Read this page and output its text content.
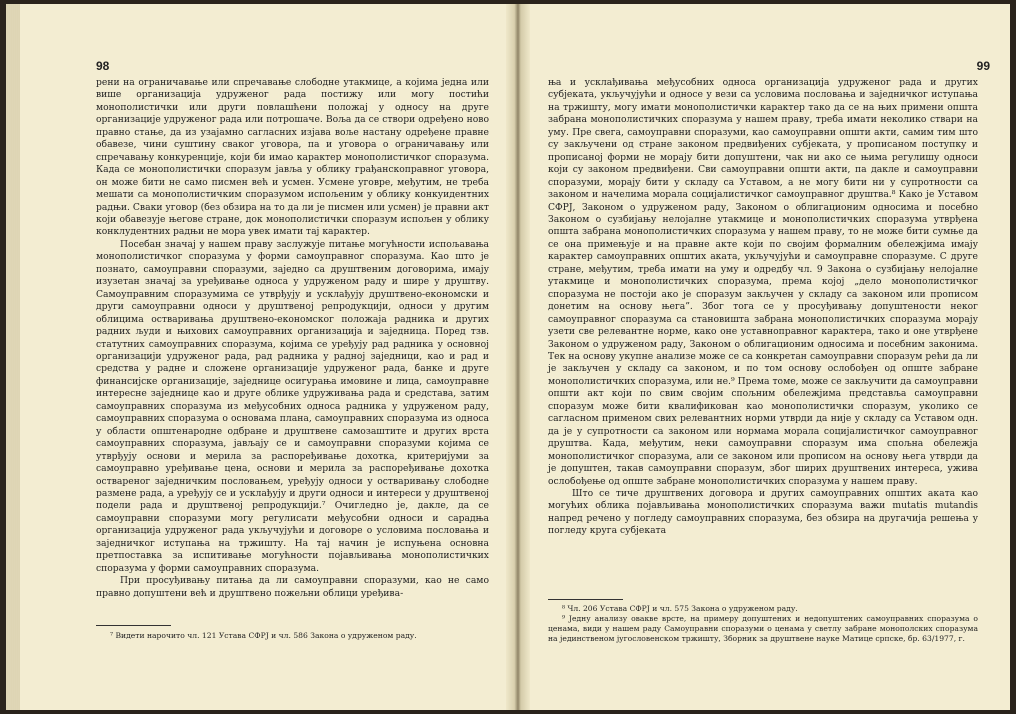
98

рени на ограничавање или спречавање слободне утакмице, а којима једна или више организација удруженог рада постижу или могу постићи монополистички или други повлашћени положај у односу на друге организације удруженог рада или потрошаче. Воља да се створи одређено ново правно стање, да из узајамно сагласних изјава воље настану одређене правне обавезе, чини суштину сваког уговора, па и уговора о ограничавању или спречавању конкуренције, који би имао карактер монополистичког споразума. Када се монополистички споразум јавља у облику грађанскоправног уговора, он може бити не само писмен већ и усмен. Усмене уговре, међутим, не треба мешати са монополистичким споразумом испољеним у облику конкуидентних радњи. Сваки уговор (без обзира на то да ли је писмен или усмен) је правни акт који обавезује њeгове стране, док монополистички споразум испољен у облику конклудентних радњи не мора увек имати тај карактер.

Посебан значај у нашем праву заслужује питање могућности испољавања монополистичког споразума у форми самоуправног споразума. Као што је познато, самоуправни споразуми, заједно са друштвеним договорима, имају изузетан значај за уређивање односа у удруженом раду и шире у друштву. Самоуправним споразумима се утврђују и усклађују друштвено-економски и други самоуправни односи у друштвеној репродукцији, односи у другим облицима остваривања друштвено-економског положаја радника и других радних људи и њихових самоуправних организација и заједница. Поред тзв. статутних самоуправних споразума, којима се уређују рад радника у основној организацији удруженог рада, рад радника у радној заједници, као и рад и средства у радне и сложене организације удруженог рада, банке и друге финансијске организације, заједнице осигурања имовине и лица, самоуправне интересне заједнице као и друге облике удруживања рада и средстава, затим самоуправних споразума из међусобних односа радника у удруженом раду, самоуправних споразума о основама плана, самоуправних споразума из односа у области општенародне одбране и друштвене самозаштите и других врста самоуправних споразума, јављају се и самоуправни споразуми којима се утврђују основи и мерила за распоређивање дохотка, критеријуми за самоуправно уређивање цена, основи и мерила за распоређивање дохотка оствареног заједничким пословањем, уређују односи у остваривању слободне размене рада, а уређују се и усклађују и други односи и интереси у друштвеној подели рада и друштвеној репродукцији.⁷ Очигледно је, дакле, да се самоуправни споразуми могу регулисати међусобни односи и сарадња организација удруженог рада укључујући и договоре о условима пословања и заједничког иступања на тржишту. На тај начин је испуњена основна претпоставка за испитивање могућности појављивања монополистичких споразума у форми самоуправних споразума.

При просуђивању питања да ли самоуправни споразуми, као не само правно допуштени већ и друштвено пожељни облици уређива-

⁷ Видети нарочито чл. 121 Устава СФРЈ и чл. 586 Закона о удруженом раду.

99

ња и усклађивања међусобних односа организација удруженог рада и других субјеката, укључујући и односе у вези са условима пословања и заједничког иступања на тржишту, могу имати монополистички карактер тако да се на њих примени општа забрана монополистичких споразума у нашем праву, треба имати неколико ствари на уму. Пре свега, самоуправни споразуми, као самоуправни општи акти, самим тим што су закључени од стране законом предвиђених субјеката, у прописаном поступку и прописаној форми не морају бити допуштени, чак ни ако се њима регулишу односи који су законом предвиђени. Сви самоуправни општи акти, па дакле и самоуправни споразуми, морају бити у складу са Уставом, а не могу бити ни у супротности са законом и начелима морала социјалистичког самоуправног друштва.⁸ Како је Уставом СФРЈ, Законом о удруженом раду, Законом о облигационим односима и посебно Законом о сузбијању нелојалне утакмице и монополистичких споразума утврђена општа забрана монополистичких споразума у нашем праву, то не може бити сумње да се она примењује и на правне акте који по својим формалним обележјима имају карактер самоуправних општих аката, укључујући и самоуправне споразуме. С друге стране, међутим, треба имати на уму и одредбу чл. 9 Закона о сузбијању нелојалне утакмице и монополистичких споразума, према којој „дело монополистичког споразума не постоји ако је споразум закључен у складу са законом или прописом донетим на основу њега”. Због тога се у просуђивању допуштености неког самоуправног споразума са становишта забрана монополистичких споразума морају узети све релевантне норме, како оне уставноправног карактера, тако и оне утврђене Законом о удруженом раду, Законом о облигационим односима и посебним законима. Тек на основу укупне анализе може се са конкретан самоуправни споразум рећи да ли је закључен у складу са законом, и по том основу ослобођен од опште забране монополистичких споразума, или не.⁹ Према томе, може се закључити да самоуправни општи акт који по свим својим спољним обележјима представља самоуправни споразум може бити квалификован као монополистички споразум, уколико се сагласном применом свих релевантних норми утврди да није у складу са Уставом одн. да је у супротности са законом или нормама морала социјалистичког самоуправног друштва. Када, међутим, неки самоуправни споразум има спољна обележја монополистичког споразума, али се законом или прописом на основу њега утврди да је допуштен, такав самоуправни споразум, због ширих друштвених интереса, ужива ослобођење од опште забране монополистичких споразума у нашем праву.

Што се тиче друштвених договора и других самоуправних општих аката као могућих облика појављивања монополистичких споразума важи mutatis mutandis напред речено у погледу самоуправних споразума, без обзира на другачија решења у погледу круга субјеката

⁸ Чл. 206 Устава СФРЈ и чл. 575 Закона о удруженом раду.

⁹ Једну анализу овакве врсте, на примеру допуштених и недопуштених самоуправних споразума о ценама, види у нашем раду Самоуправни споразуми о ценама у светлу забране монополских споразума на јединственом југословенском тржишту, Зборник за друштвене науке Матице српске, бр. 63/1977, г.
